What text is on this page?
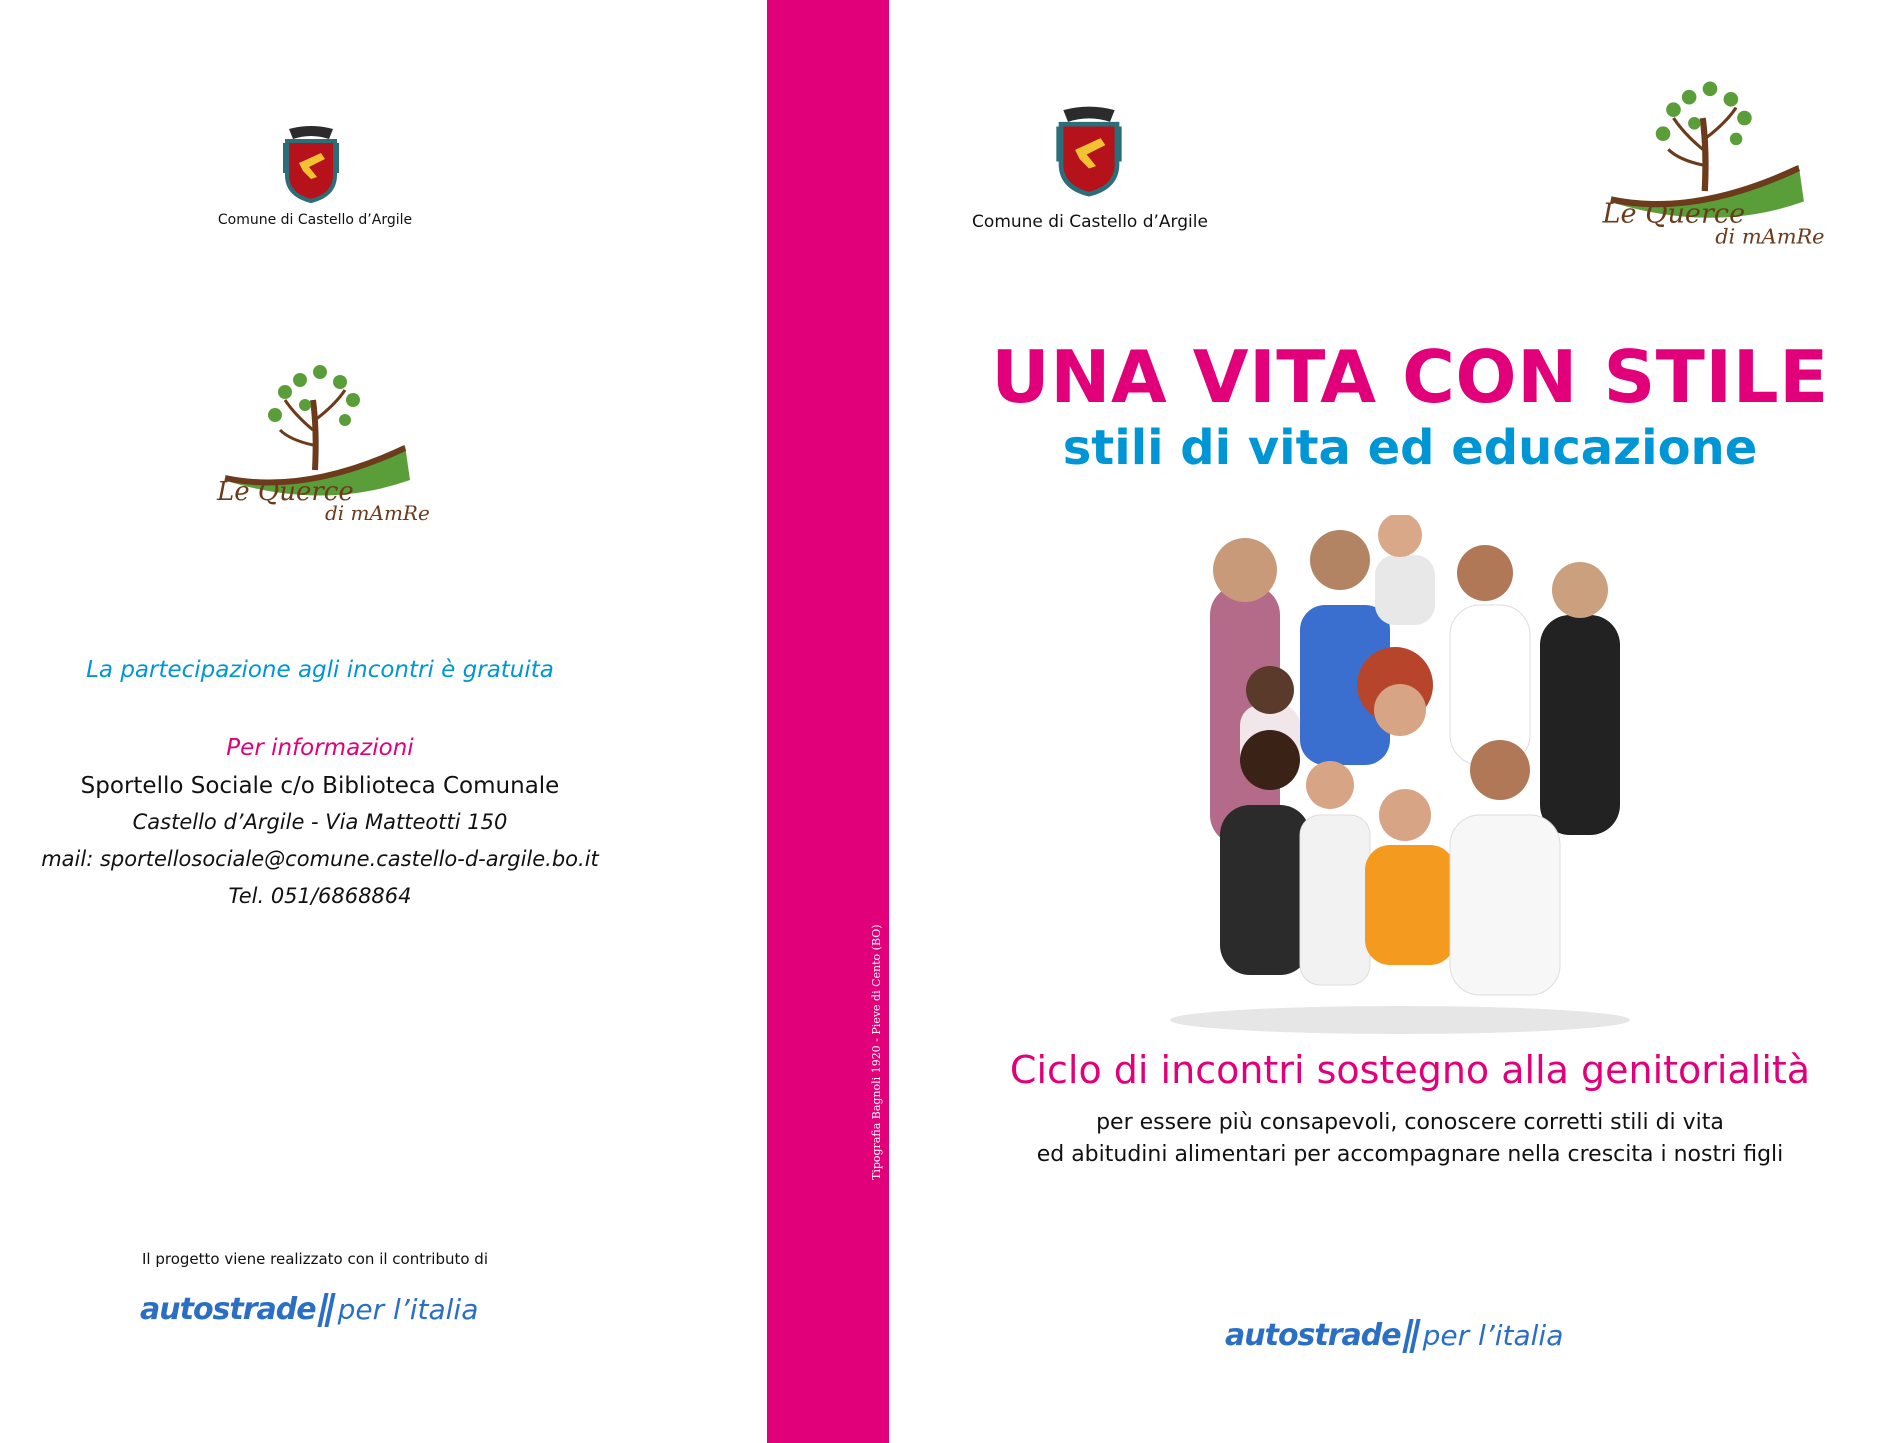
Tipografia Bagnoli 1920 - Pieve di Cento (BO)
Comune di Castello d’Argile
Le Querce
di mAmRe
La partecipazione agli incontri è gratuita
Per informazioni
Sportello Sociale c/o Biblioteca Comunale
Castello d’Argile - Via Matteotti 150
mail: sportellosociale@comune.castello-d-argile.bo.it
Tel. 051/6868864
Il progetto viene realizzato con il contributo di
autostrade per l’italia
Comune di Castello d’Argile	Le Querce
di mAmRe
UNA VITA CON STILE
stili di vita ed educazione
Ciclo di incontri sostegno alla genitorialità
per essere più consapevoli, conoscere corretti stili di vita
ed abitudini alimentari per accompagnare nella crescita i nostri figli
autostrade per l’italia
